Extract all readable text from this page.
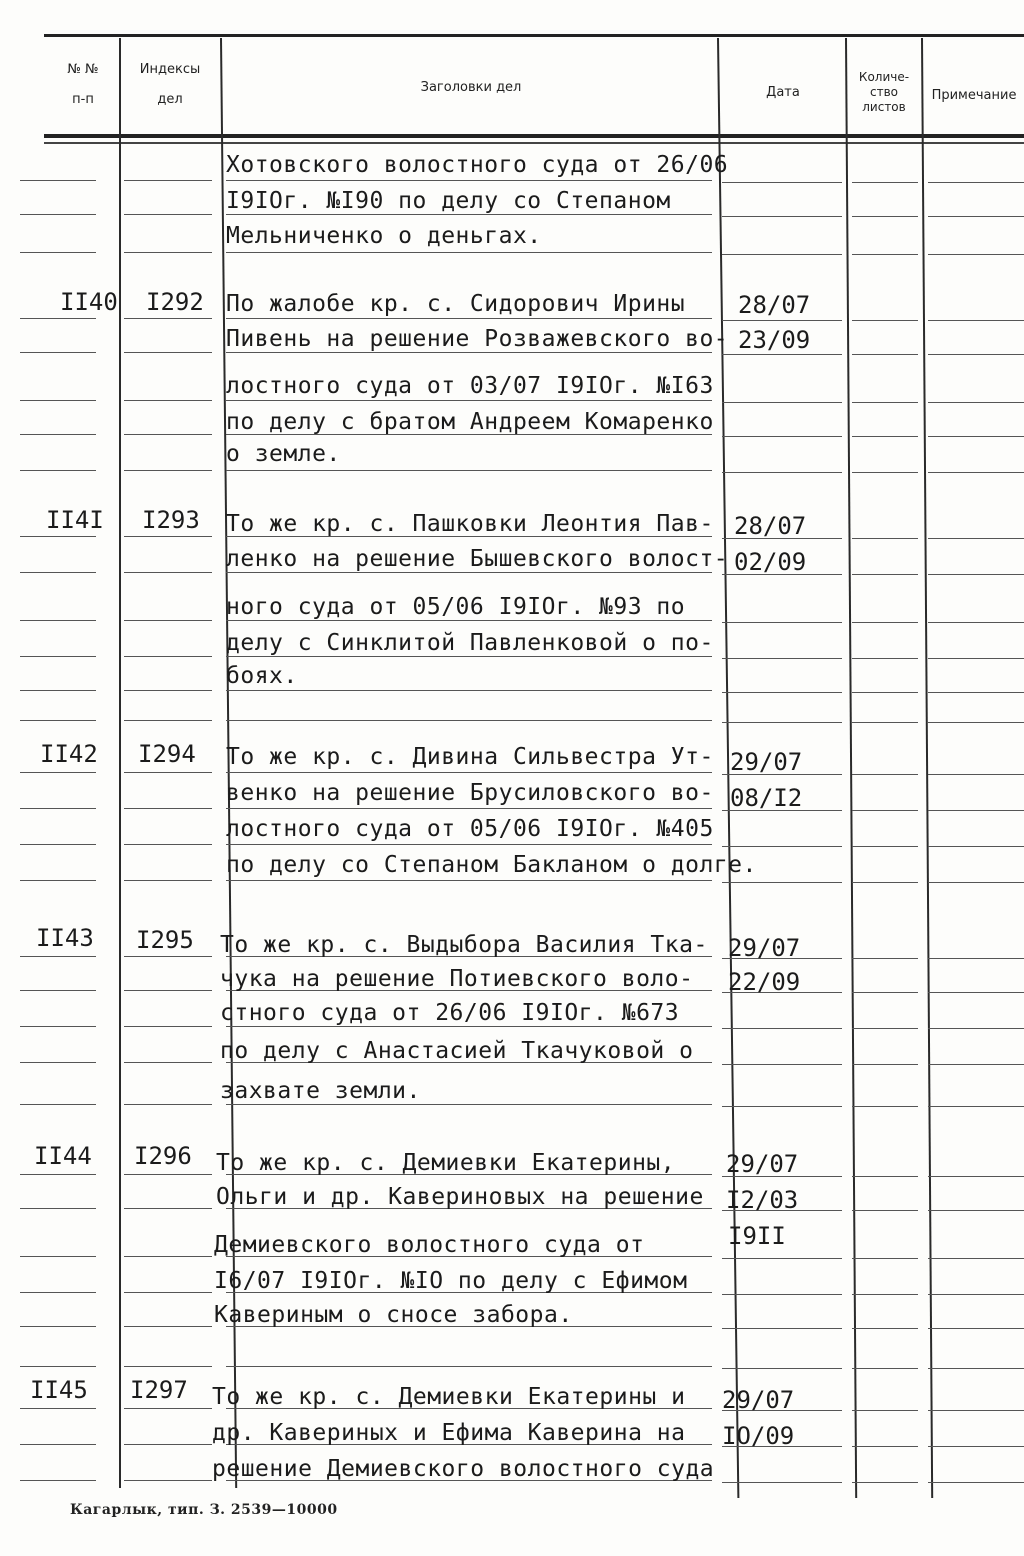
№ №
п-п
Индексы
дел
Заголовки дел	Дата
Количе-
ство
листов
Примечание
Хотовского волостного суда от 26/06
I9IOг. №I90 по делу со Степаном
Мельниченко о деньгах.
II40 I292 По жалобе кр. с. Сидорович Ирины
Пивень на решение Розважевского во-
лостного суда от 03/07 I9IOг. №I63
по делу с братом Андреем Комаренко
о земле.
28/07
23/09
II4I I293 То же кр. с. Пашковки Леонтия Пав-
ленко на решение Бышевского волост-
ного суда от 05/06 I9IOг. №93 по
делу с Синклитой Павленковой о по-
боях.
28/07
02/09
II42 I294 То же кр. с. Дивина Сильвестра Ут-
венко на решение Брусиловского во-
лостного суда от 05/06 I9IOг. №405
по делу со Степаном Бакланом о долге.
29/07
08/I2
II43 I295 То же кр. с. Выдыбора Василия Тка-
чука на решение Потиевского воло-
стного суда от 26/06 I9IOг. №673
по делу с Анастасией Ткачуковой о
захвате земли.
29/07
22/09
II44 I296 То же кр. с. Демиевки Екатерины,
Ольги и др. Кавериновых на решение
Демиевского волостного суда от
I6/07 I9IOг. №IO по делу с Ефимом
Кавериным о сносе забора.
29/07
I2/03
I9II
II45 I297 То же кр. с. Демиевки Екатерины и
др. Кавериных и Ефима Каверина на
решение Демиевского волостного суда
29/07
IO/09
Кагарлык, тип. З. 2539—10000
